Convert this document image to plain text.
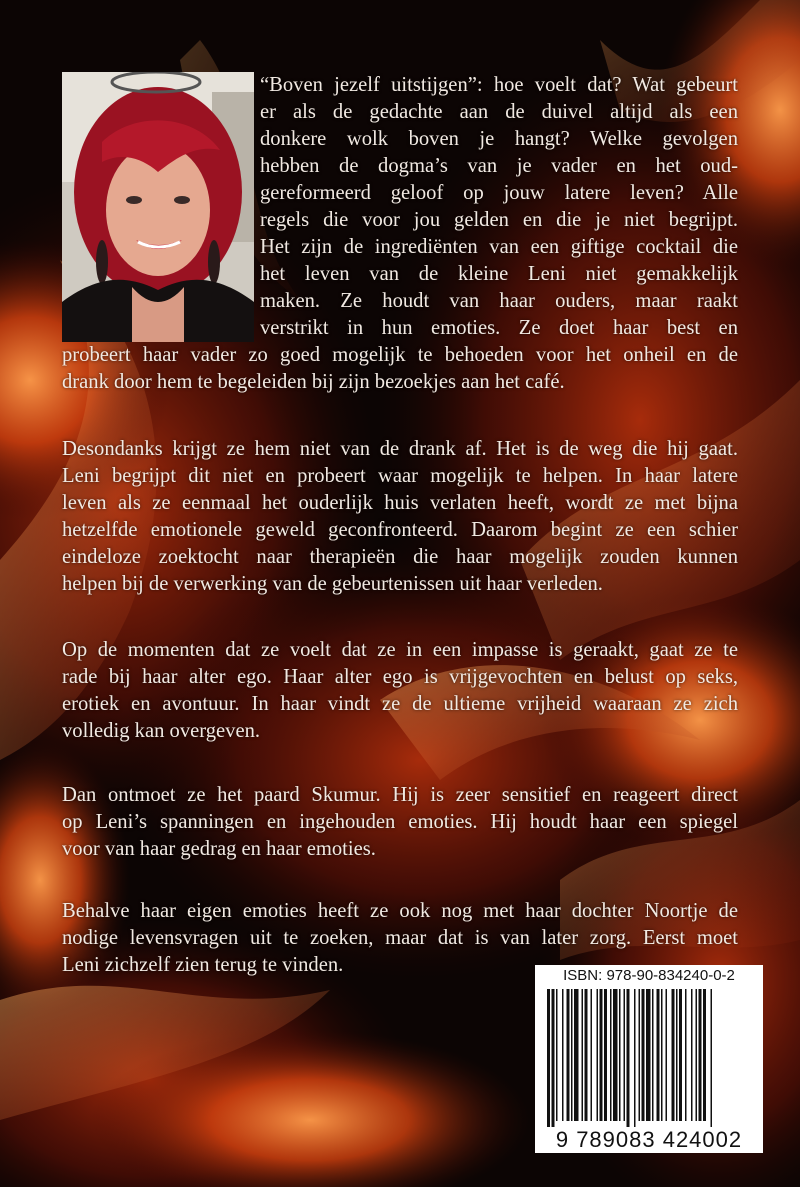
“Boven jezelf uitstijgen”: hoe voelt dat? Wat gebeurt
er als de gedachte aan de duivel altijd als een
donkere wolk boven je hangt? Welke gevolgen
hebben de dogma’s van je vader en het oud-
gereformeerd geloof op jouw latere leven? Alle
regels die voor jou gelden en die je niet begrijpt.
Het zijn de ingrediënten van een giftige cocktail die
het leven van de kleine Leni niet gemakkelijk
maken. Ze houdt van haar ouders, maar raakt
verstrikt in hun emoties. Ze doet haar best en
probeert haar vader zo goed mogelijk te behoeden voor het onheil en de
drank door hem te begeleiden bij zijn bezoekjes aan het café.
Desondanks krijgt ze hem niet van de drank af. Het is de weg die hij gaat.
Leni begrijpt dit niet en probeert waar mogelijk te helpen. In haar latere
leven als ze eenmaal het ouderlijk huis verlaten heeft, wordt ze met bijna
hetzelfde emotionele geweld geconfronteerd. Daarom begint ze een schier
eindeloze zoektocht naar therapieën die haar mogelijk zouden kunnen
helpen bij de verwerking van de gebeurtenissen uit haar verleden.
Op de momenten dat ze voelt dat ze in een impasse is geraakt, gaat ze te
rade bij haar alter ego. Haar alter ego is vrijgevochten en belust op seks,
erotiek en avontuur. In haar vindt ze de ultieme vrijheid waaraan ze zich
volledig kan overgeven.
Dan ontmoet ze het paard Skumur. Hij is zeer sensitief en reageert direct
op Leni’s spanningen en ingehouden emoties. Hij houdt haar een spiegel
voor van haar gedrag en haar emoties.
Behalve haar eigen emoties heeft ze ook nog met haar dochter Noortje de
nodige levensvragen uit te zoeken, maar dat is van later zorg. Eerst moet
Leni zichzelf zien terug te vinden.	ISBN: 978-90-834240-0-2
9 789083 424002
